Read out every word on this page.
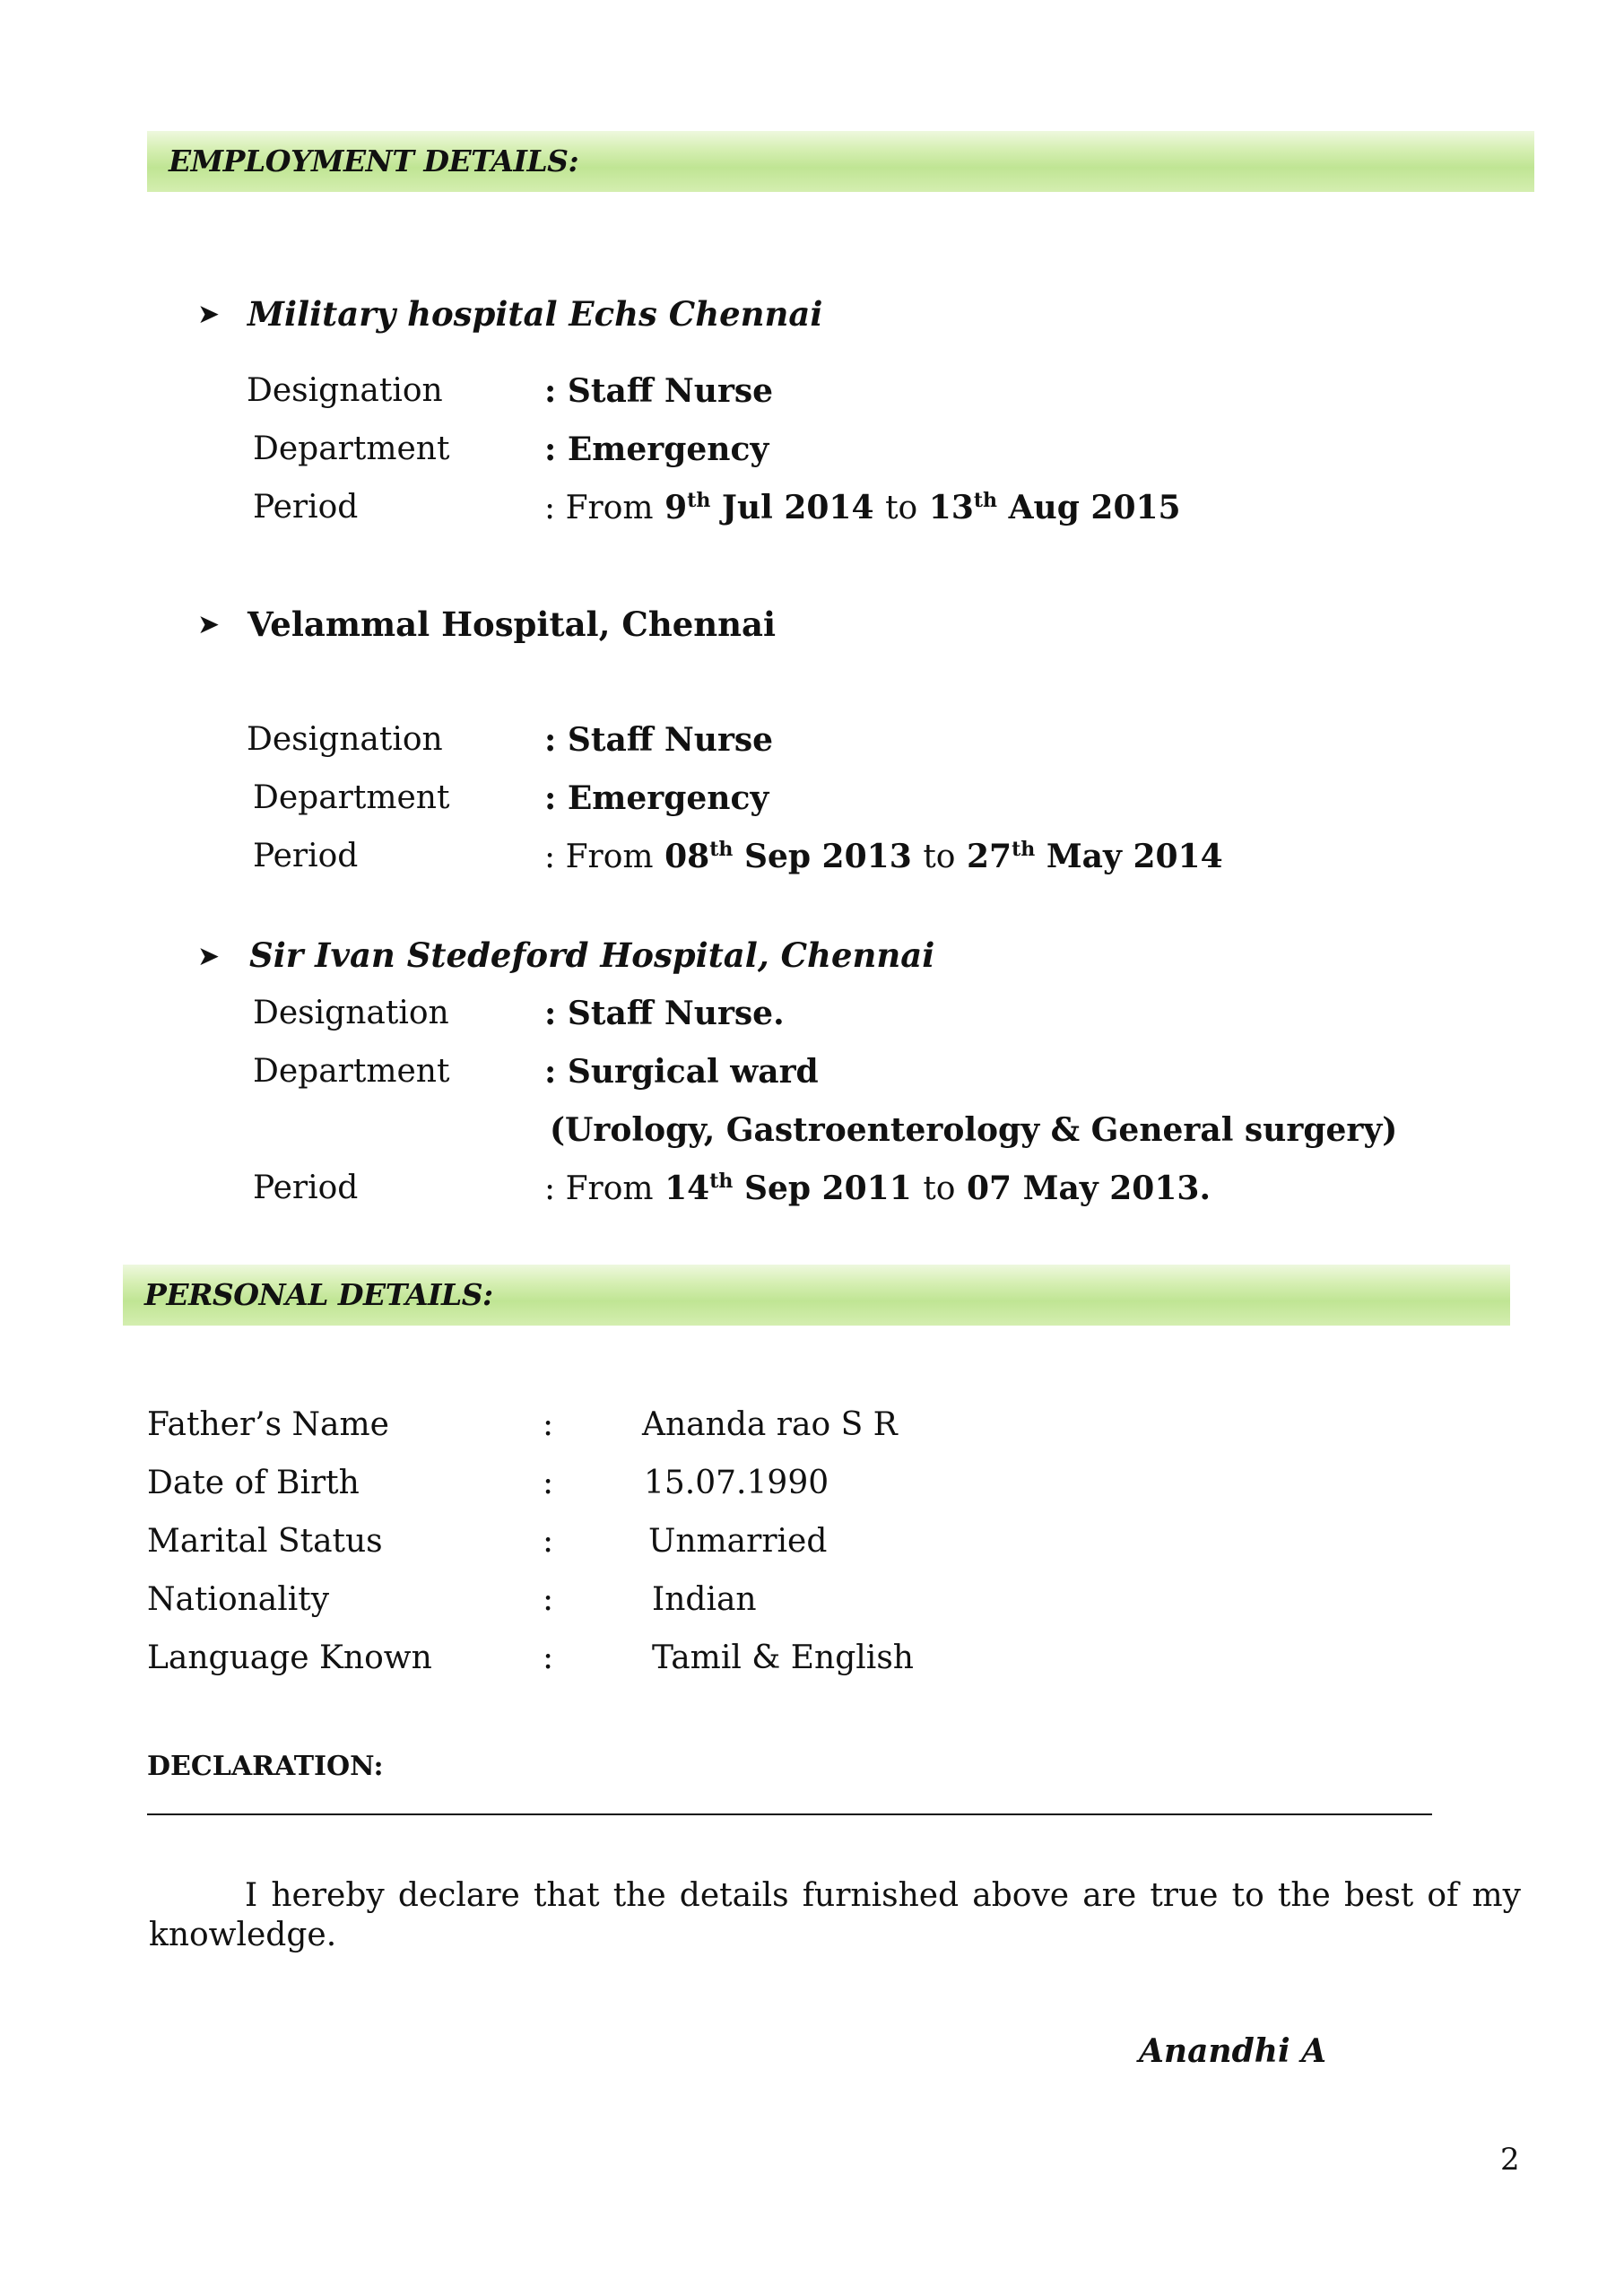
EMPLOYMENT DETAILS:
➤ Military hospital Echs Chennai
Designation	: Staff Nurse
Department	: Emergency
Period	: From 9th Jul 2014 to 13th Aug 2015
➤ Velammal Hospital, Chennai
Designation	: Staff Nurse
Department	: Emergency
Period	: From 08th Sep 2013 to 27th May 2014
➤ Sir Ivan Stedeford Hospital, Chennai
Designation	: Staff Nurse.
Department	: Surgical ward
(Urology, Gastroenterology & General surgery)
Period	: From 14th Sep 2011 to 07 May 2013.
PERSONAL DETAILS:
Father’s Name	:	Ananda rao S R
Date of Birth	:	15.07.1990
Marital Status	:	Unmarried
Nationality	:	Indian
Language Known	:	Tamil & English
DECLARATION:
I hereby declare that the details furnished above are true to the best of my knowledge.
Anandhi A
2
